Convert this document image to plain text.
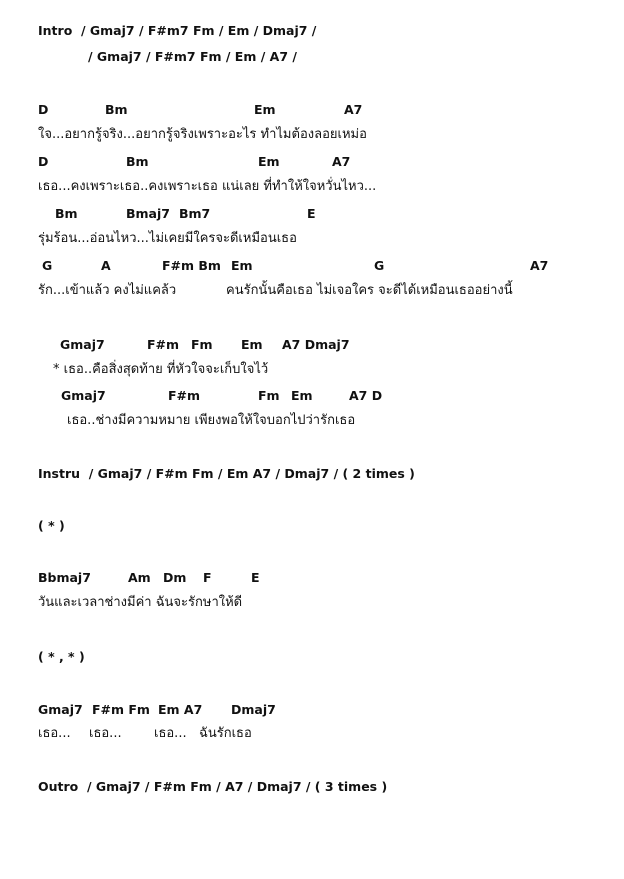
Intro  / Gmaj7 / F#m7 Fm / Em / Dmaj7 /
/ Gmaj7 / F#m7 Fm / Em / A7 /
D	Bm	Em	A7
ใจ...อยากรู้จริง...อยากรู้จริงเพราะอะไร ทำไมต้องลอยเหม่อ
D	Bm	Em	A7
เธอ...คงเพราะเธอ..คงเพราะเธอ แน่เลย ที่ทำให้ใจหวั่นไหว...
Bm	Bmaj7 Bm7	E
รุ่มร้อน...อ่อนไหว...ไม่เคยมีใครจะดีเหมือนเธอ
G	A	F#m Bm Em	G	A7
รัก...เข้าแล้ว คงไม่แคล้ว	คนรักนั้นคือเธอ ไม่เจอใคร จะดีได้เหมือนเธออย่างนี้
Gmaj7	F#m Fm Em A7 Dmaj7
* เธอ..คือสิ่งสุดท้าย ที่หัวใจจะเก็บใจไว้
Gmaj7	F#m	Fm Em	A7 D
เธอ..ช่างมีความหมาย เพียงพอให้ใจบอกไปว่ารักเธอ
Instru  / Gmaj7 / F#m Fm / Em A7 / Dmaj7 / ( 2 times )
( * )
Bbmaj7	Am Dm F	E
วันและเวลาช่างมีค่า ฉันจะรักษาให้ดี
( * , * )
Gmaj7 F#m Fm Em A7 Dmaj7
เธอ... เธอ... เธอ... ฉันรักเธอ
Outro  / Gmaj7 / F#m Fm / A7 / Dmaj7 / ( 3 times )
